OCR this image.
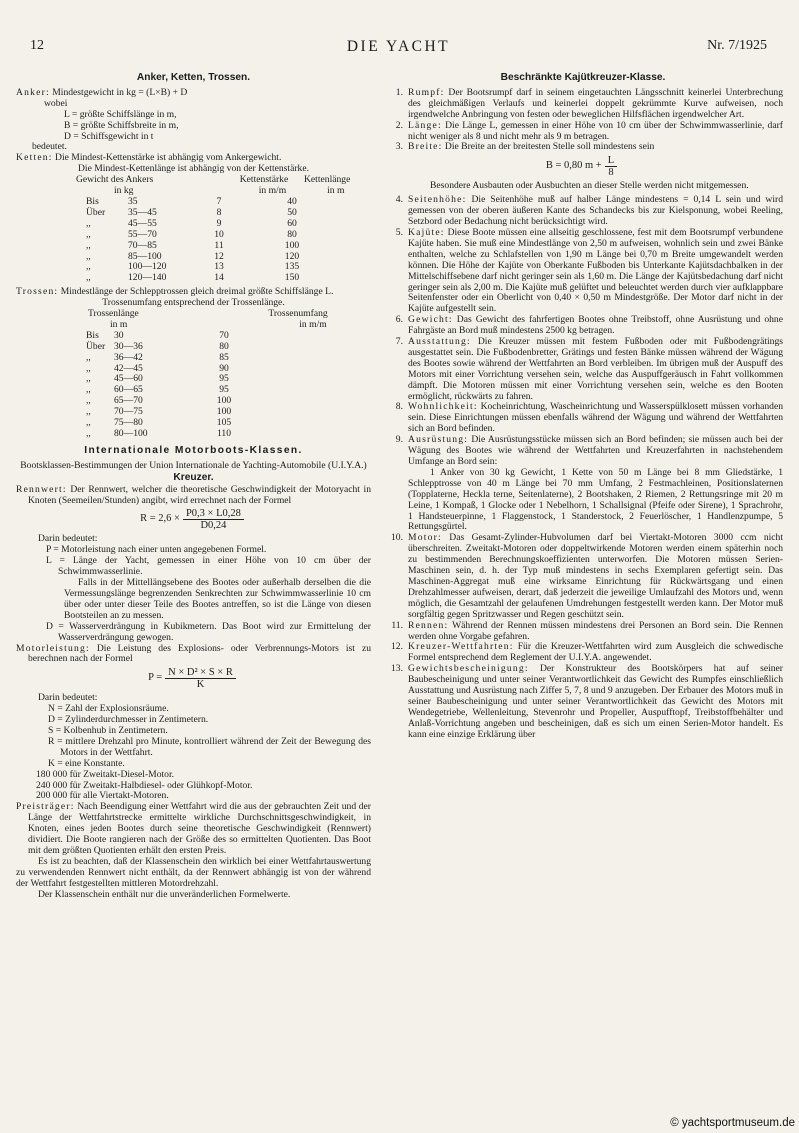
12	DIE YACHT	Nr. 7/1925
Anker, Ketten, Trossen.

Anker: Mindestgewicht in kg = (L×B) + D

wobei

L = größte Schiffslänge in m,

B = größte Schiffsbreite in m,

D = Schiffsgewicht in t

bedeutet.

Ketten: Die Mindest-Kettenstärke ist abhängig vom Ankergewicht.

Die Mindest-Kettenlänge ist abhängig von der Kettenstärke.

Gewicht des Ankers	Kettenstärke	Kettenlänge
in kg	in m/m	in m
Bis	35	7	40
Über	35—45	8	50
,,	45—55	9	60
,,	55—70	10	80
,,	70—85	11	100
,,	85—100	12	120
,,	100—120	13	135
,,	120—140	14	150

Trossen: Mindestlänge der Schlepptrossen gleich dreimal größte Schiffslänge L.

Trossenumfang entsprechend der Trossenlänge.

Trossenlänge	Trossenumfang
in m	in m/m
Bis	30	70
Über 30—36	80
,,	36—42	85
,,	42—45	90
,,	45—60	95
,,	60—65	95
,,	65—70	100
,,	70—75	100
,,	75—80	105
,,	80—100	110
Internationale Motorboots-Klassen.

Bootsklassen-Bestimmungen der Union Internationale de Yachting-Automobile (U.I.Y.A.)

Kreuzer.

Rennwert: Der Rennwert, welcher die theoretische Geschwindigkeit der Motoryacht in Knoten (Seemeilen/Stunden) angibt, wird errechnet nach der Formel

$R = 2,6 \times \frac{P0,3 \times L0,28}{D0,24}$

Darin bedeutet:

P = Motorleistung nach einer unten angegebenen Formel.

L = Länge der Yacht, gemessen in einer Höhe von 10 cm über der Schwimmwasserlinie.

Falls in der Mittellängsebene des Bootes oder außerhalb derselben die die Vermessungslänge begrenzenden Senkrechten zur Schwimmwasserlinie 10 cm über oder unter dieser Teile des Bootes antreffen, so ist die Länge von diesen Bootsteilen an zu messen.

D = Wasserverdrängung in Kubikmetern. Das Boot wird zur Ermittelung der Wasserverdrängung gewogen.

Motorleistung: Die Leistung des Explosions- oder Verbrennungs-Motors ist zu berechnen nach der Formel

$P = \frac{\text{N × D² × S × R}}{K}$

Darin bedeutet:

N = Zahl der Explosionsräume.

D = Zylinderdurchmesser in Zentimetern.

S = Kolbenhub in Zentimetern.

R = mittlere Drehzahl pro Minute, kontrolliert während der Zeit der Bewegung des Motors in der Wettfahrt.

K = eine Konstante.

180 000 für Zweitakt-Diesel-Motor.

240 000 für Zweitakt-Halbdiesel- oder Glühkopf-Motor.

200 000 für alle Viertakt-Motoren.

Preisträger: Nach Beendigung einer Wettfahrt wird die aus der gebrauchten Zeit und der Länge der Wettfahrtstrecke ermittelte wirkliche Durchschnittsgeschwindigkeit, in Knoten, eines jeden Bootes durch seine theoretische Geschwindigkeit (Rennwert) dividiert. Die Boote rangieren nach der Größe des so ermittelten Quotienten. Das Boot mit dem größten Quotienten erhält den ersten Preis.

Es ist zu beachten, daß der Klassenschein den wirklich bei einer Wettfahrtauswertung zu verwendenden Rennwert nicht enthält, da der Rennwert abhängig ist von der während der Wettfahrt festgestellten mittleren Motordrehzahl.

Der Klassenschein enthält nur die unveränderlichen Formelwerte.

Beschränkte Kajütkreuzer-Klasse.
1. Rumpf: Der Bootsrumpf darf in seinem eingetauchten Längsschnitt keinerlei Unterbrechung des gleichmäßigen Verlaufs und keinerlei doppelt gekrümmte Kurve aufweisen, noch irgendwelche Anbringung von festen oder beweglichen Hilfsflächen irgendwelcher Art.
2. Länge: Die Länge L, gemessen in einer Höhe von 10 cm über der Schwimmwasserlinie, darf nicht weniger als 8 und nicht mehr als 9 m betragen.
3. Breite: Die Breite an der breitesten Stelle soll mindestens sein
B = 0,80 $m + \frac{L}{8}$

Besondere Ausbauten oder Ausbuchten an dieser Stelle werden nicht mitgemessen.

4. Seitenhöhe: Die Seitenhöhe muß auf halber Länge mindestens = 0,14 L sein und wird gemessen von der oberen äußeren Kante des Schandecks bis zur Kielsponung, wobei Reeling, Setzbord oder Bedachung nicht berücksichtigt wird.
5. Kajüte: Diese Boote müssen eine allseitig geschlossene, fest mit dem Bootsrumpf verbundene Kajüte haben. Sie muß eine Mindestlänge von 2,50 m aufweisen, wohnlich sein und zwei Bänke enthalten, welche zu Schlafstellen von 1,90 m Länge bei 0,70 m Breite umgewandelt werden können. Die Höhe der Kajüte von Oberkante Fußboden bis Unterkante Kajütsdachbalken in der Mittelschiffsebene darf nicht geringer sein als 1,60 m. Die Länge der Kajütsbedachung darf nicht geringer sein als 2,00 m. Die Kajüte muß gelüftet und beleuchtet werden durch vier aufklappbare Seitenfenster oder ein Oberlicht von 0,40 × 0,50 m Mindestgröße. Der Motor darf nicht in der Kajüte aufgestellt sein.
6. Gewicht: Das Gewicht des fahrfertigen Bootes ohne Treibstoff, ohne Ausrüstung und ohne Fahrgäste an Bord muß mindestens 2500 kg betragen.
7. Ausstattung: Die Kreuzer müssen mit festem Fußboden oder mit Fußbodengrätings ausgestattet sein. Die Fußbodenbretter, Grätings und festen Bänke müssen während der Wägung des Bootes sowie während der Wettfahrten an Bord verbleiben. Im übrigen muß der Auspuff des Motors mit einer Vorrichtung versehen sein, welche das Auspuffgeräusch in Fahrt vollkommen dämpft. Die Motoren müssen mit einer Vorrichtung versehen sein, welche es den Booten ermöglicht, rückwärts zu fahren.
8. Wohnlichkeit: Kocheinrichtung, Wascheinrichtung und Wasserspülklosett müssen vorhanden sein. Diese Einrichtungen müssen ebenfalls während der Wägung und während der Wettfahrten sich an Bord befinden.
9. Ausrüstung: Die Ausrüstungsstücke müssen sich an Bord befinden; sie müssen auch bei der Wägung des Bootes wie während der Wettfahrten und Kreuzerfahrten in nachstehendem Umfange an Bord sein:

1 Anker von 30 kg Gewicht, 1 Kette von 50 m Länge bei 8 mm Gliedstärke, 1 Schlepptrosse von 40 m Länge bei 70 mm Umfang, 2 Festmachleinen, Positionslaternen (Topplaterne, Heckla terne, Seitenlaterne), 2 Bootshaken, 2 Riemen, 2 Rettungsringe mit 20 m Leine, 1 Kompaß, 1 Glocke oder 1 Nebelhorn, 1 Schallsignal (Pfeife oder Sirene), 1 Sprachrohr, 1 Handsteuerpinne, 1 Flaggenstock, 1 Standerstock, 2 Feuerlöscher, 1 Handlenzpumpe, 5 Rettungsgürtel.

10. Motor: Das Gesamt-Zylinder-Hubvolumen darf bei Viertakt-Motoren 3000 ccm nicht überschreiten. Zweitakt-Motoren oder doppeltwirkende Motoren werden einem späterhin noch zu bestimmenden Berechnungskoeffizienten unterworfen. Die Motoren müssen Serien-Maschinen sein, d. h. der Typ muß mindestens in sechs Exemplaren gefertigt sein. Das Maschinen-Aggregat muß eine wirksame Einrichtung für Rückwärtsgang und einen Drehzahlmesser aufweisen, derart, daß jederzeit die jeweilige Umlaufzahl des Motors und, wenn möglich, die Gesamtzahl der gelaufenen Umdrehungen festgestellt werden kann. Der Motor muß sorgfältig gegen Spritzwasser und Regen geschützt sein.
11. Rennen: Während der Rennen müssen mindestens drei Personen an Bord sein. Die Rennen werden ohne Vorgabe gefahren.
12. Kreuzer-Wettfahrten: Für die Kreuzer-Wettfahrten wird zum Ausgleich die schwedische Formel entsprechend dem Reglement der U.I.Y.A. angewendet.
13. Gewichtsbescheinigung: Der Konstrukteur des Bootskörpers hat auf seiner Baubescheinigung und unter seiner Verantwortlichkeit das Gewicht des Rumpfes einschließlich Ausstattung und Ausrüstung nach Ziffer 5, 7, 8 und 9 anzugeben. Der Erbauer des Motors muß in seiner Baubescheinigung und unter seiner Verantwortlichkeit das Gewicht des Motors mit Wendegetriebe, Wellenleitung, Stevenrohr und Propeller, Auspufftopf, Treibstoffbehälter und Anlaß-Vorrichtung angeben und bescheinigen, daß es sich um einen Serien-Motor handelt. Es kann eine einzige Erklärung über
© yachtsportmuseum.de
